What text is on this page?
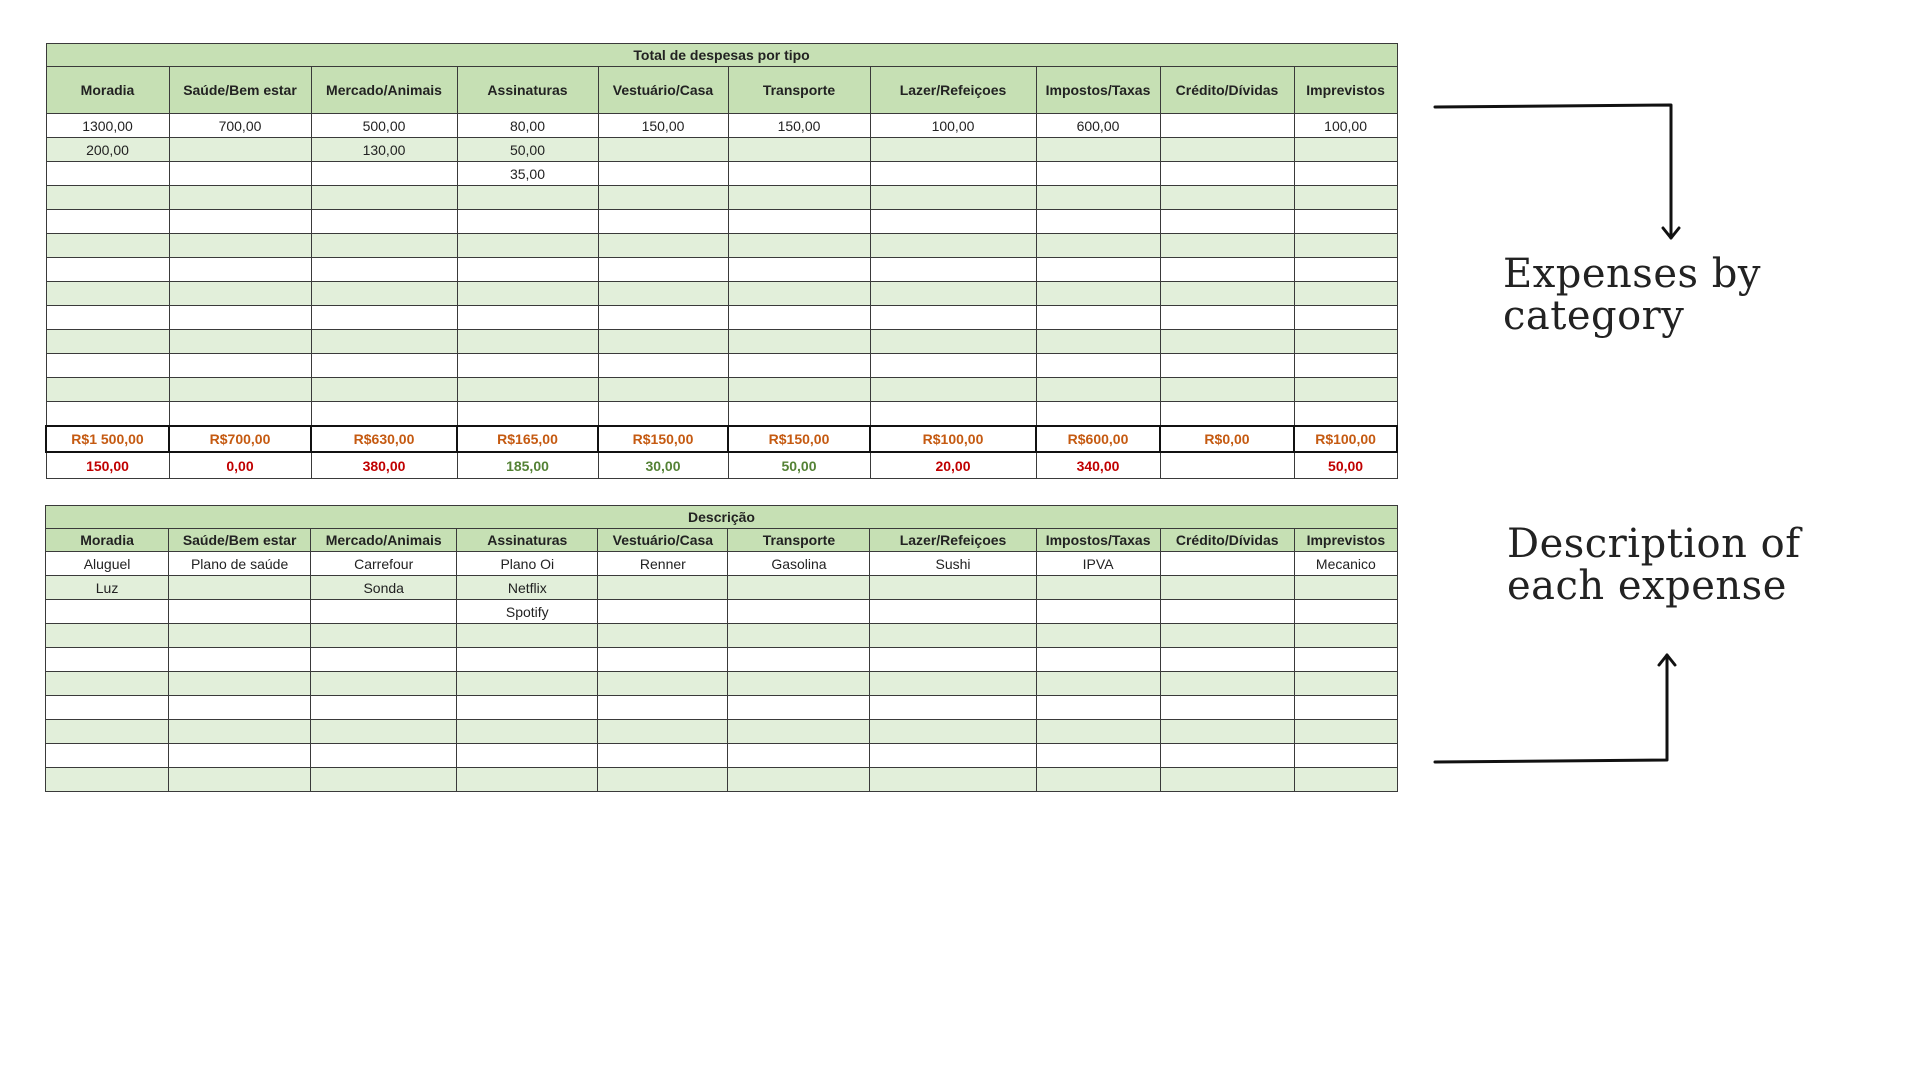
Total de despesas por tipo									
Moradia	Saúde/Bem estar	Mercado/Animais	Assinaturas	Vestuário/Casa	Transporte	Lazer/Refeiçoes	Impostos/Taxas	Crédito/Dívidas	Imprevistos
1300,00	700,00	500,00	80,00	150,00	150,00	100,00	600,00		100,00
200,00		130,00	50,00						
			35,00						

R$1 500,00	R$700,00	R$630,00	R$165,00	R$150,00	R$150,00	R$100,00	R$600,00	R$0,00	R$100,00
150,00	0,00	380,00	185,00	30,00	50,00	20,00	340,00		50,00
Descrição									
Moradia	Saúde/Bem estar	Mercado/Animais	Assinaturas	Vestuário/Casa	Transporte	Lazer/Refeiçoes	Impostos/Taxas	Crédito/Dívidas	Imprevistos
Aluguel	Plano de saúde	Carrefour	Plano Oi	Renner	Gasolina	Sushi	IPVA		Mecanico
Luz		Sonda	Netflix						
			Spotify						

Expenses by
category
Description of
each expense
